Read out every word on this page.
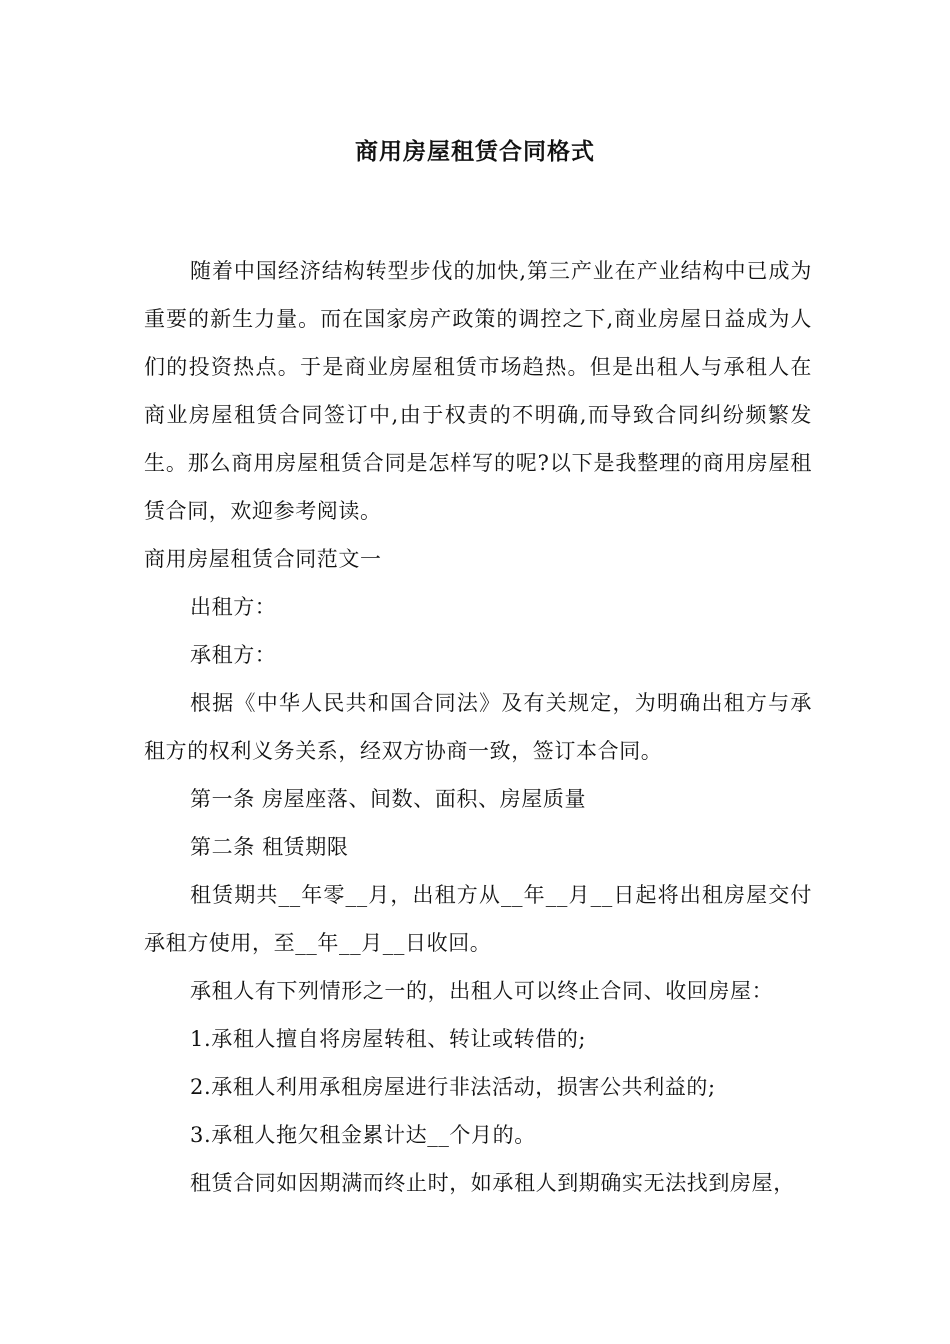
商用房屋租赁合同格式

随着中国经济结构转型步伐的加快,第三产业在产业结构中已成为重要的新生力量。而在国家房产政策的调控之下,商业房屋日益成为人们的投资热点。于是商业房屋租赁市场趋热。但是出租人与承租人在商业房屋租赁合同签订中,由于权责的不明确,而导致合同纠纷频繁发生。那么商用房屋租赁合同是怎样写的呢?以下是我整理的商用房屋租赁合同，欢迎参考阅读。

商用房屋租赁合同范文一

出租方：

承租方：

根据《中华人民共和国合同法》及有关规定，为明确出租方与承租方的权利义务关系，经双方协商一致，签订本合同。

第一条 房屋座落、间数、面积、房屋质量

第二条 租赁期限

租赁期共__年零__月，出租方从__年__月__日起将出租房屋交付承租方使用，至__年__月__日收回。

承租人有下列情形之一的，出租人可以终止合同、收回房屋：

1.承租人擅自将房屋转租、转让或转借的;

2.承租人利用承租房屋进行非法活动，损害公共利益的;

3.承租人拖欠租金累计达__个月的。

租赁合同如因期满而终止时，如承租人到期确实无法找到房屋，
